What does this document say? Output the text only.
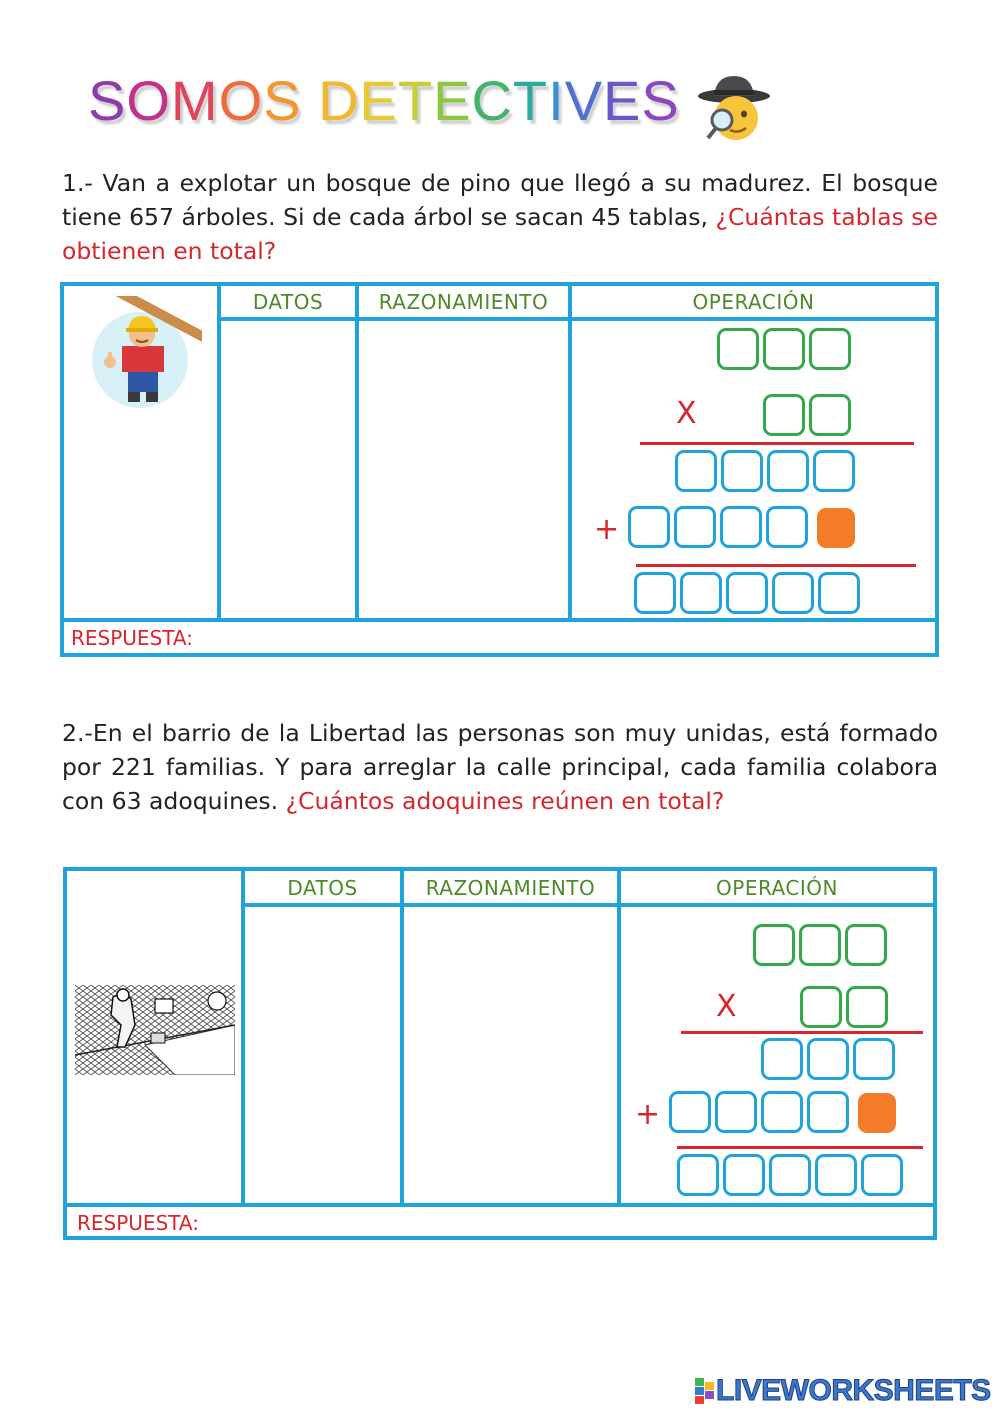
SOMOS DETECTIVES
1.- Van a explotar un bosque de pino que llegó a su madurez. El bosque tiene 657 árboles. Si de cada árbol se sacan 45 tablas, ¿Cuántas tablas se obtienen en total?
DATOS	RAZONAMIENTO	OPERACIÓN
RESPUESTA:
X
+
2.-En el barrio de la Libertad las personas son muy unidas, está formado por 221 familias. Y para arreglar la calle principal, cada familia colabora con 63 adoquines. ¿Cuántos adoquines reúnen en total?
DATOS	RAZONAMIENTO	OPERACIÓN
RESPUESTA:
X
+
LIVEWORKSHEETS
